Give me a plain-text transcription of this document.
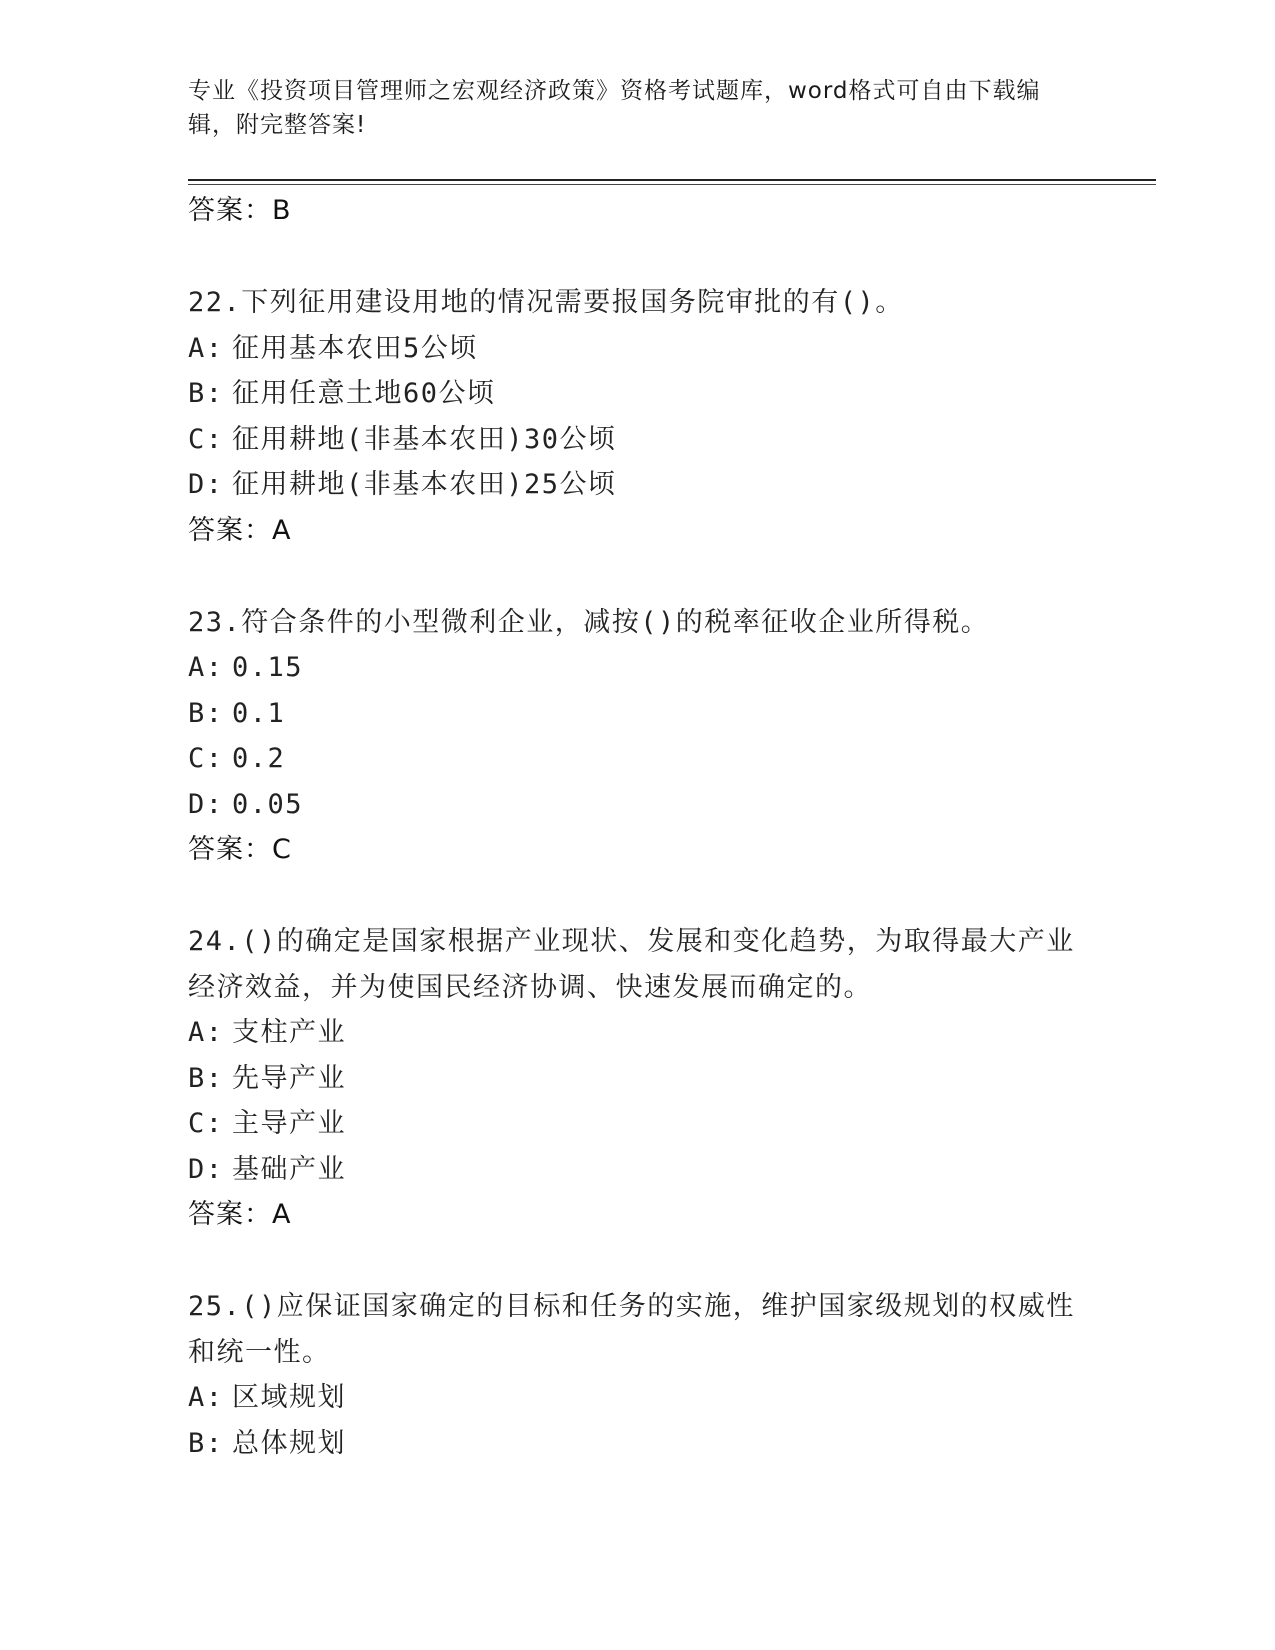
专业《投资项目管理师之宏观经济政策》资格考试题库，word格式可自由下载编辑，附完整答案!
答案：B
22.下列征用建设用地的情况需要报国务院审批的有()。
A: 征用基本农田5公顷
B: 征用任意土地60公顷
C: 征用耕地(非基本农田)30公顷
D: 征用耕地(非基本农田)25公顷
答案：A
23.符合条件的小型微利企业，减按()的税率征收企业所得税。
A: 0.15
B: 0.1
C: 0.2
D: 0.05
答案：C
24.()的确定是国家根据产业现状、发展和变化趋势，为取得最大产业经济效益，并为使国民经济协调、快速发展而确定的。
A: 支柱产业
B: 先导产业
C: 主导产业
D: 基础产业
答案：A
25.()应保证国家确定的目标和任务的实施，维护国家级规划的权威性和统一性。
A: 区域规划
B: 总体规划
